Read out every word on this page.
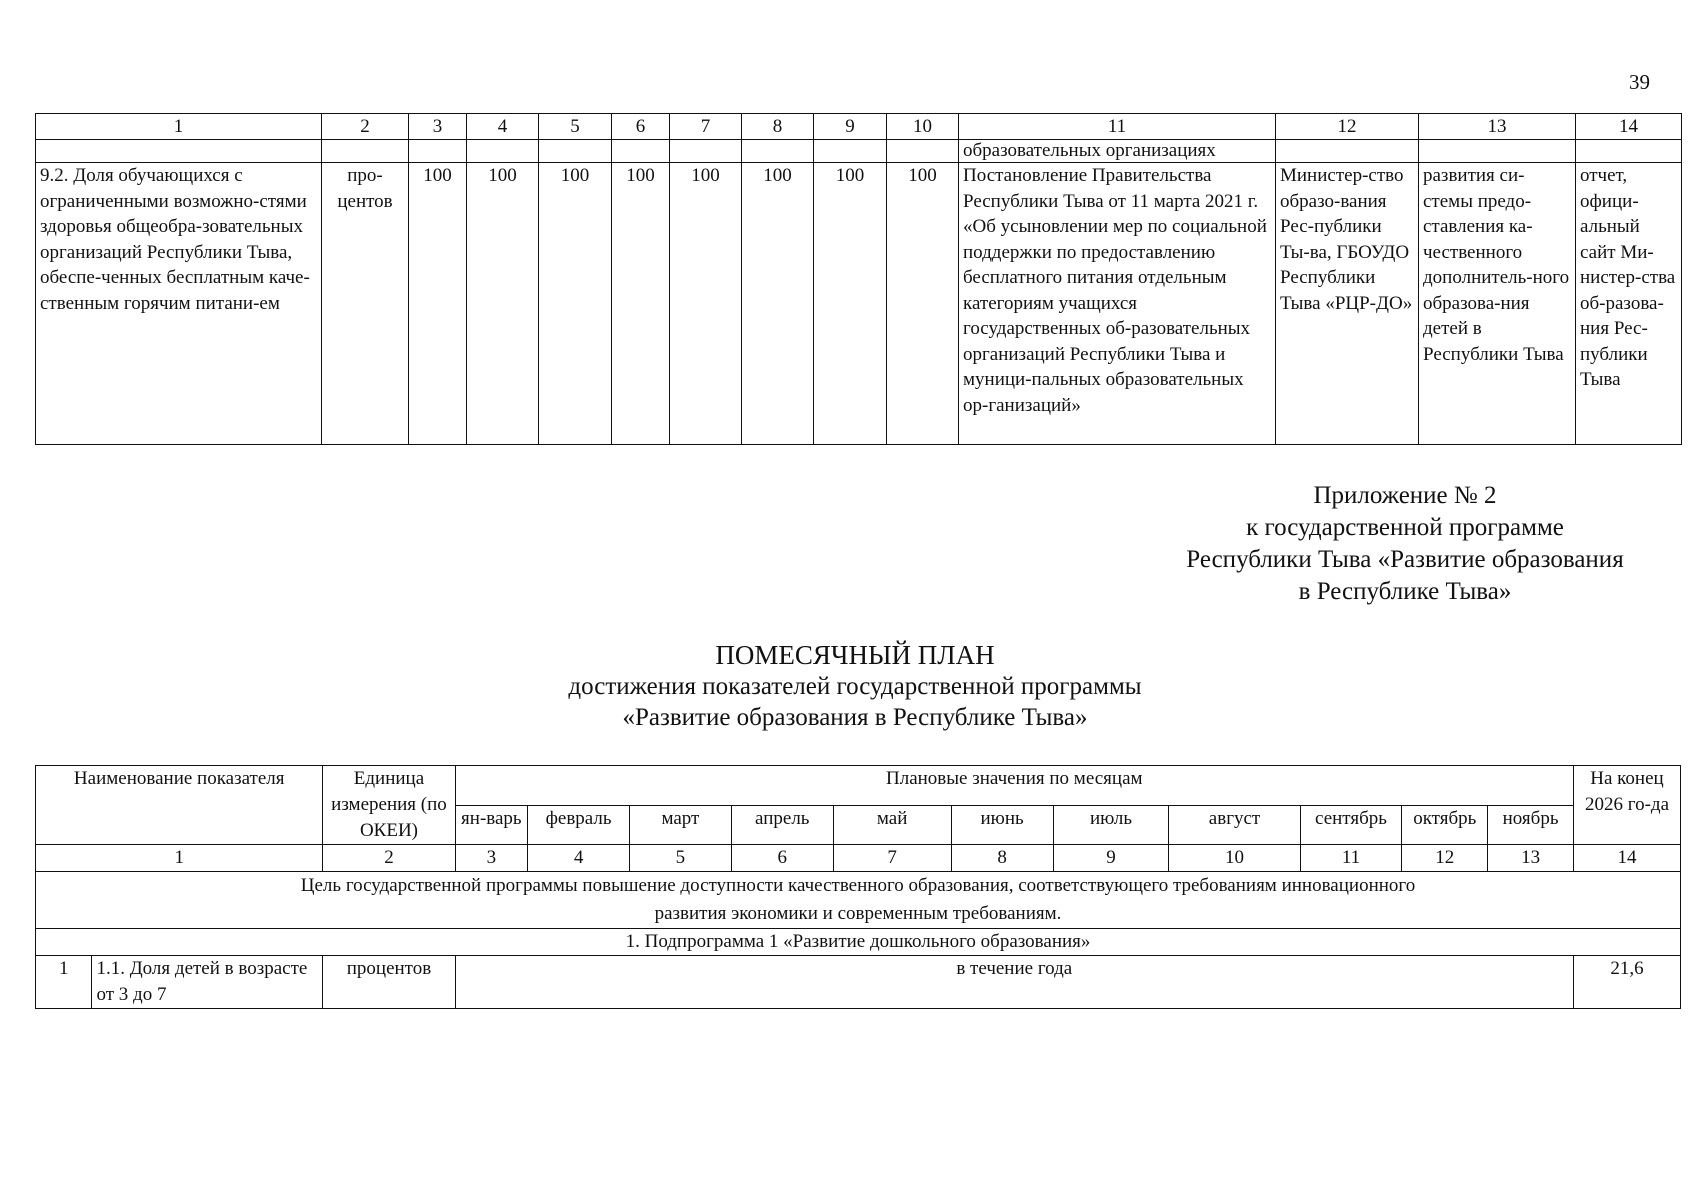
39
1	2	3	4	5	6	7	8	9	10	11	12	13	14
										образовательных организациях			
9.2. Доля обучающихся с ограниченными возможно-стями здоровья общеобра-зовательных организаций Республики Тыва, обеспе-ченных бесплатным каче-ственным горячим питани-ем	про-центов	100	100	100	100	100	100	100	100	Постановление Правительства Республики Тыва от 11 марта 2021 г. «Об усыновлении мер по социальной поддержки по предоставлению бесплатного питания отдельным категориям учащихся государственных об-разовательных организаций Республики Тыва и муници-пальных образовательных ор-ганизаций»	Министер-ство образо-вания Рес-публики Ты-ва, ГБОУДО Республики Тыва «РЦР-ДО»	развития си-стемы предо-ставления ка-чественного дополнитель-ного образова-ния детей в Республики Тыва	отчет, офици-альный сайт Ми-нистер-ства об-разова-ния Рес-публики Тыва
Приложение № 2
к государственной программе
Республики Тыва «Развитие образования
в Республике Тыва»
ПОМЕСЯЧНЫЙ ПЛАН
достижения показателей государственной программы
«Развитие образования в Республике Тыва»
Наименование показателя		Единица измерения (по ОКЕИ)	Плановые значения по месяцам											На конец 2026 го-да
			ян-варь	февраль	март	апрель	май	июнь	июль	август	сентябрь	октябрь	ноябрь	
1		2	3	4	5	6	7	8	9	10	11	12	13	14
Цель государственной программы повышение доступности качественного образования, соответствующего требованиям инновационного развития экономики и современным требованиям.														
1. Подпрограмма 1 «Развитие дошкольного образования»														
1	1.1. Доля детей в возрасте от 3 до 7	процентов	в течение года											21,6
